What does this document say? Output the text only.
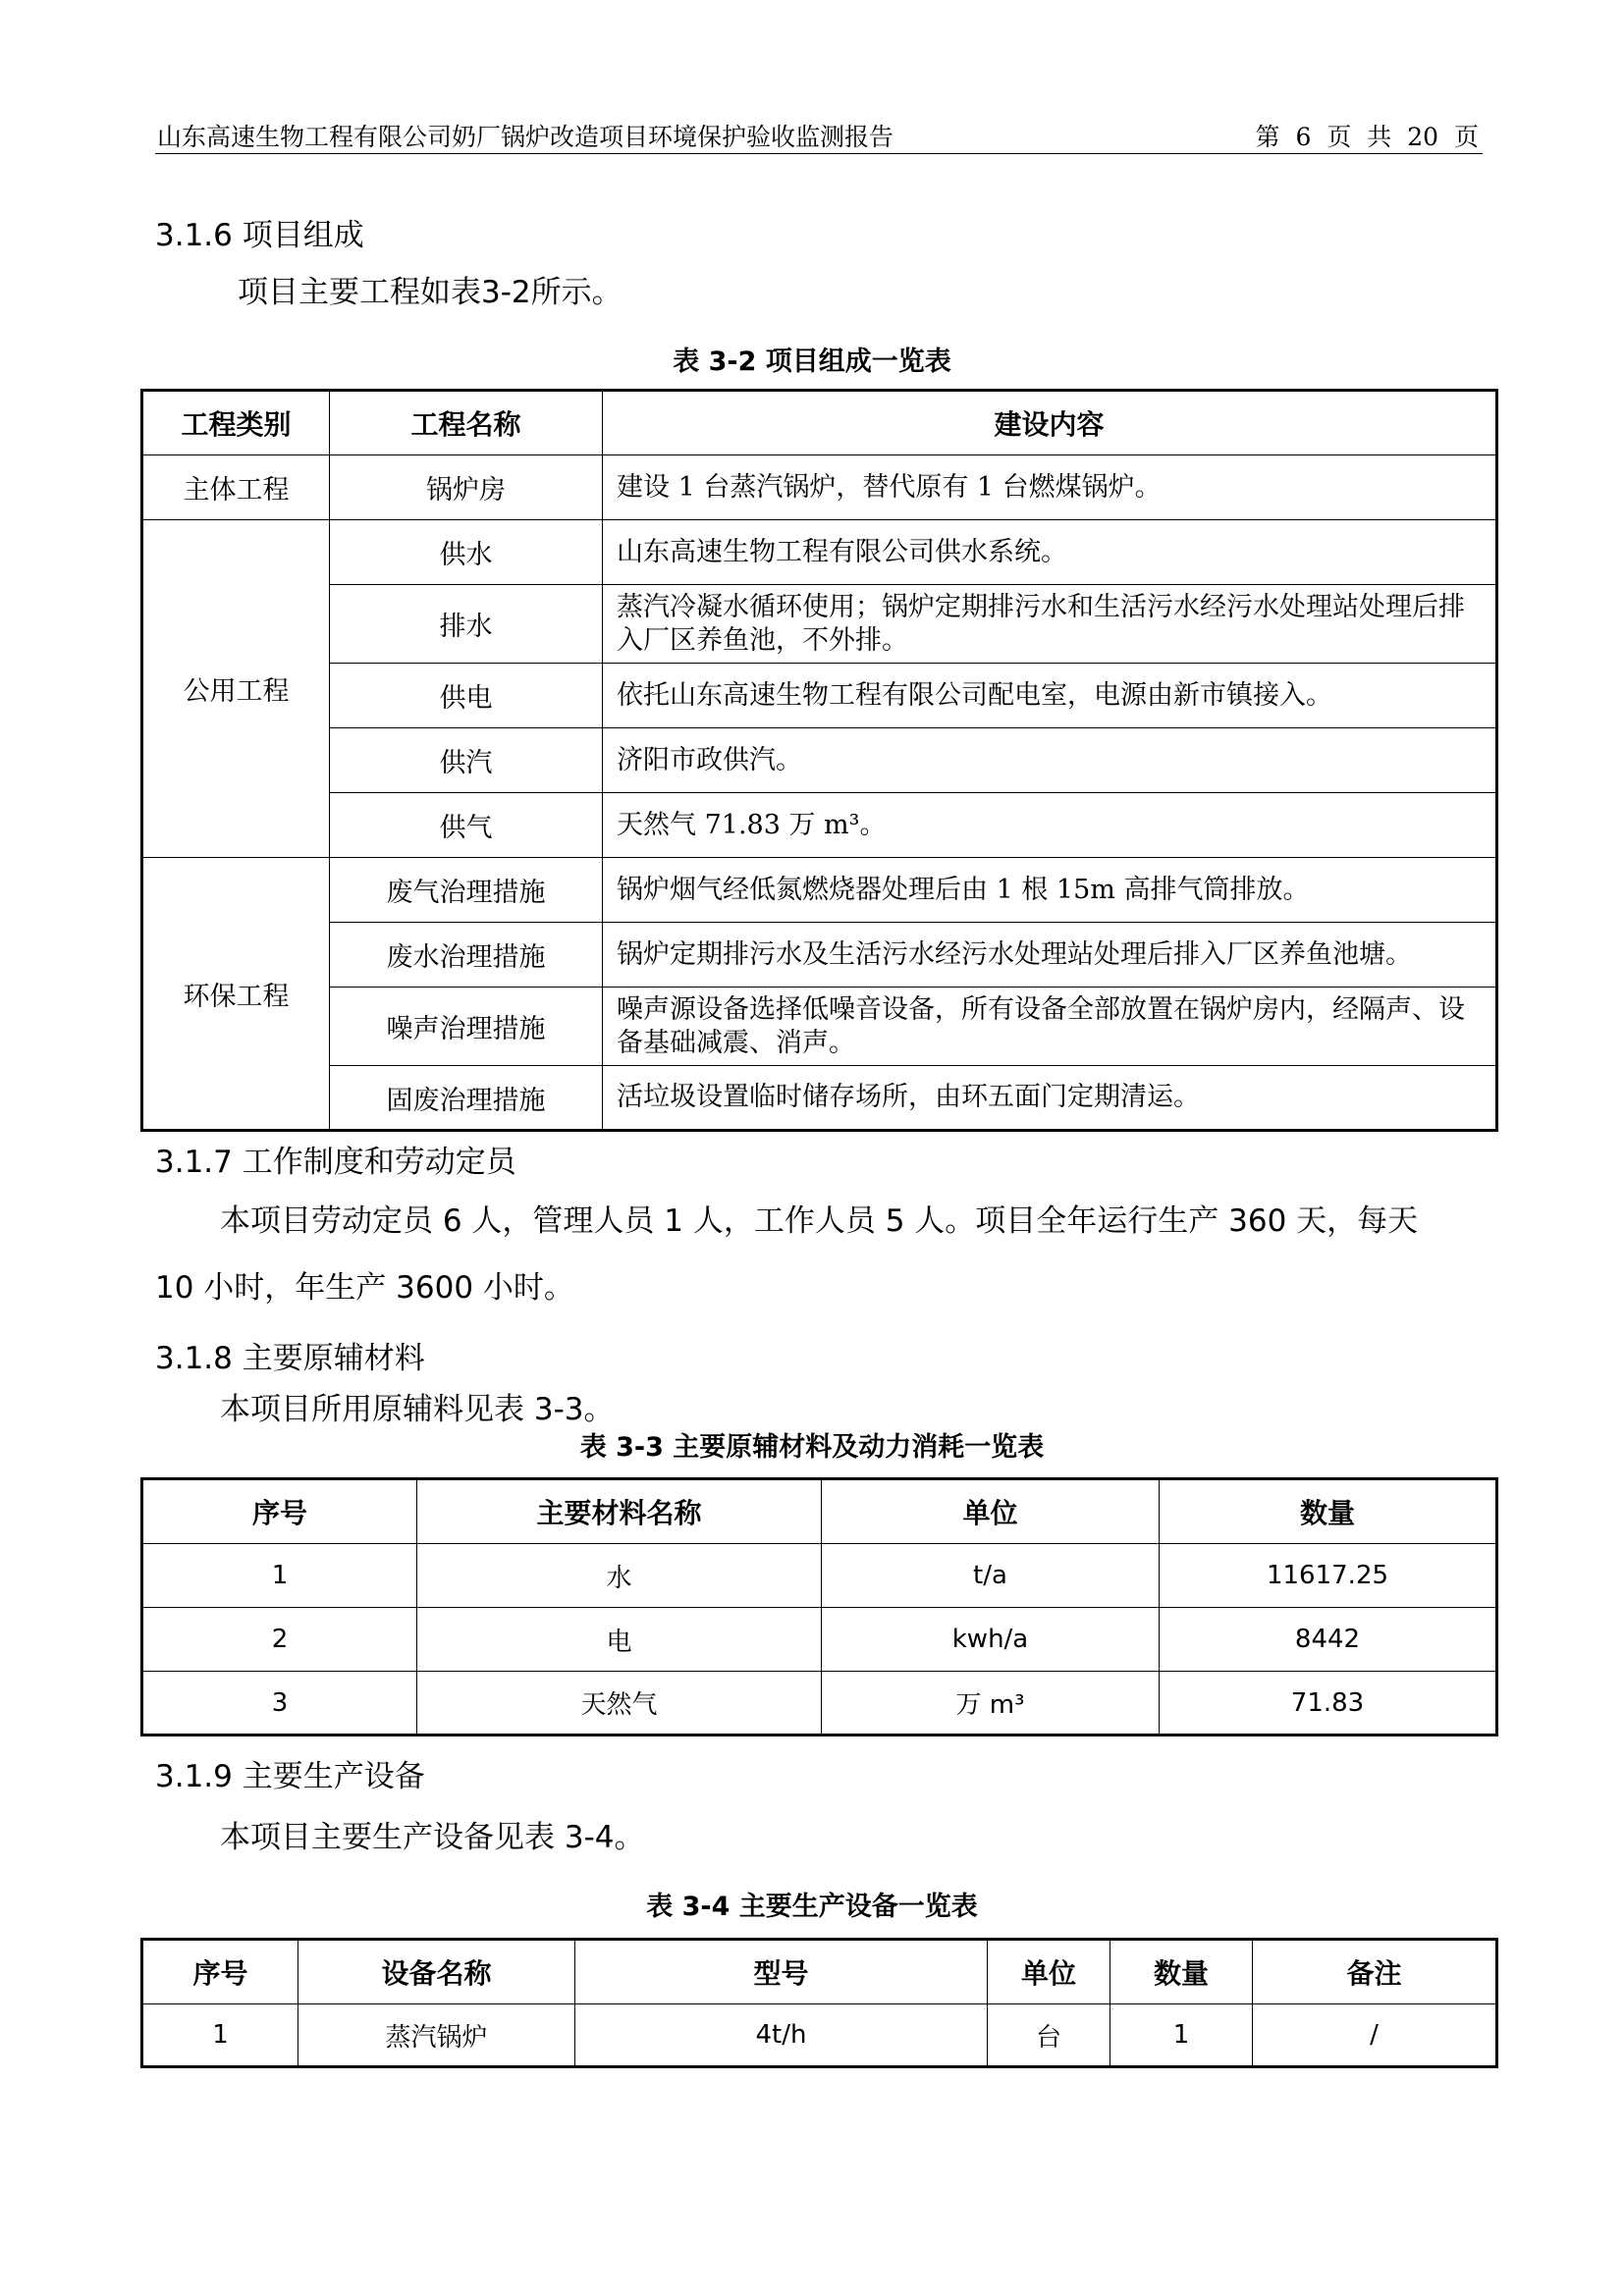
山东高速生物工程有限公司奶厂锅炉改造项目环境保护验收监测报告	第 6 页 共 20 页
3.1.6 项目组成
项目主要工程如表3-2所示。
表 3-2 项目组成一览表
工程类别	工程名称	建设内容
主体工程	锅炉房	建设 1 台蒸汽锅炉，替代原有 1 台燃煤锅炉。
公用工程	供水	山东高速生物工程有限公司供水系统。
	排水	蒸汽冷凝水循环使用；锅炉定期排污水和生活污水经污水处理站处理后排入厂区养鱼池，不外排。
	供电	依托山东高速生物工程有限公司配电室，电源由新市镇接入。
	供汽	济阳市政供汽。
	供气	天然气 71.83 万 m³。
环保工程	废气治理措施	锅炉烟气经低氮燃烧器处理后由 1 根 15m 高排气筒排放。
	废水治理措施	锅炉定期排污水及生活污水经污水处理站处理后排入厂区养鱼池塘。
	噪声治理措施	噪声源设备选择低噪音设备，所有设备全部放置在锅炉房内，经隔声、设备基础减震、消声。
	固废治理措施	活垃圾设置临时储存场所，由环五面门定期清运。
3.1.7 工作制度和劳动定员
本项目劳动定员 6 人，管理人员 1 人，工作人员 5 人。项目全年运行生产 360 天，每天
10 小时，年生产 3600 小时。
3.1.8 主要原辅材料
本项目所用原辅料见表 3-3。
表 3-3 主要原辅材料及动力消耗一览表
序号	主要材料名称	单位	数量
1	水	t/a	11617.25
2	电	kwh/a	8442
3	天然气	万 m³	71.83
3.1.9 主要生产设备
本项目主要生产设备见表 3-4。
表 3-4 主要生产设备一览表
序号	设备名称	型号	单位	数量	备注
1	蒸汽锅炉	4t/h	台	1	/
